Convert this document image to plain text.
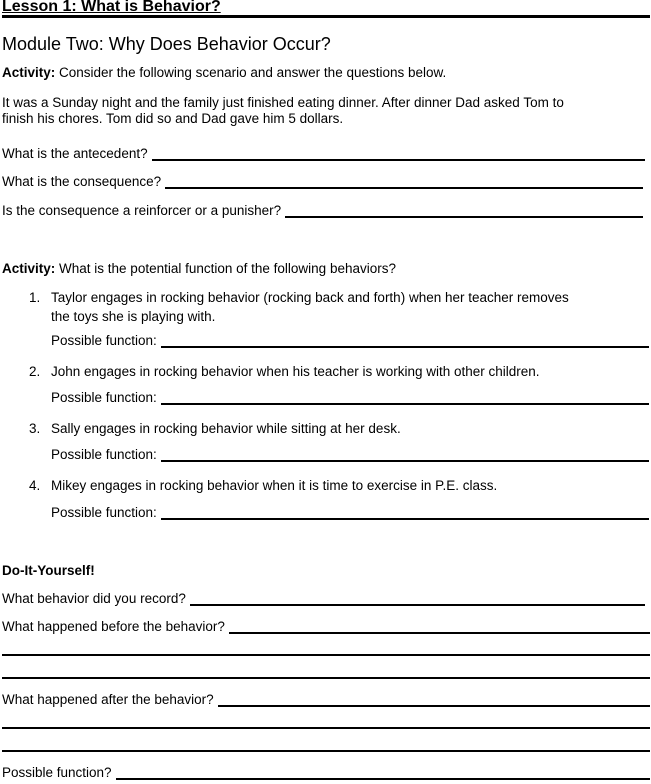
Lesson 1: What is Behavior?
Module Two: Why Does Behavior Occur?
Activity: Consider the following scenario and answer the questions below.
It was a Sunday night and the family just finished eating dinner. After dinner Dad asked Tom to
finish his chores. Tom did so and Dad gave him 5 dollars.
What is the antecedent?
What is the consequence?
Is the consequence a reinforcer or a punisher?
Activity: What is the potential function of the following behaviors?
1. Taylor engages in rocking behavior (rocking back and forth) when her teacher removes
the toys she is playing with.
Possible function:
2. John engages in rocking behavior when his teacher is working with other children.
Possible function:
3. Sally engages in rocking behavior while sitting at her desk.
Possible function:
4. Mikey engages in rocking behavior when it is time to exercise in P.E. class.
Possible function:
Do-It-Yourself!
What behavior did you record?
What happened before the behavior?
What happened after the behavior?
Possible function?
